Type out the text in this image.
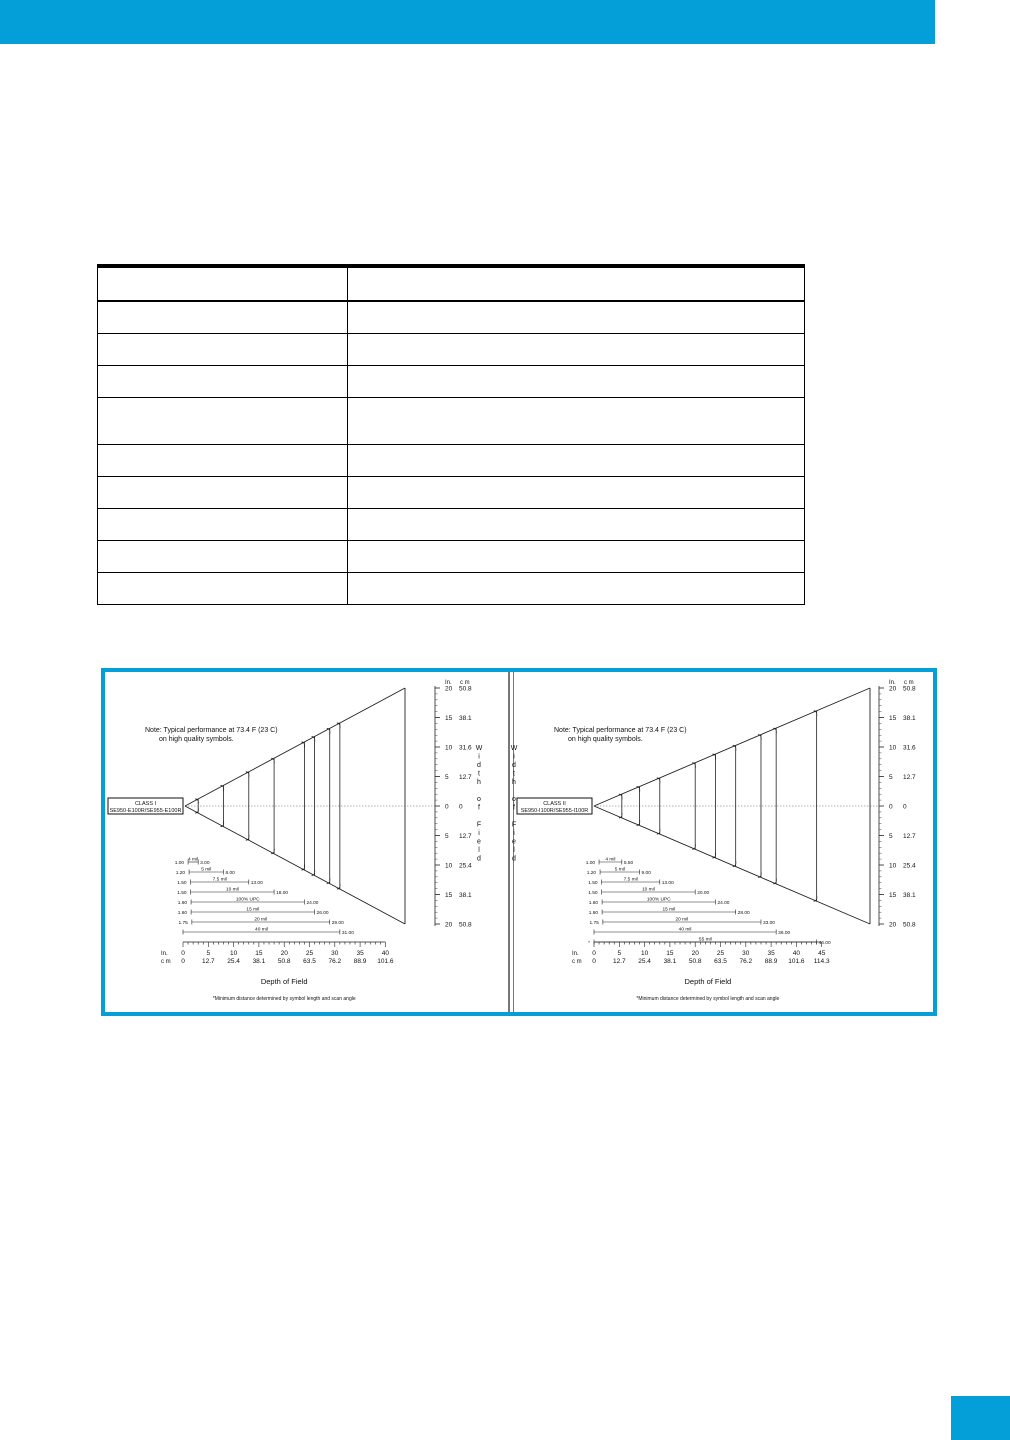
Note: Typical performance at 73.4 F (23 C)
on high quality symbols.
CLASS I
SE950-E100R/SE955-E100R
In. c m
20 50.8
15 38.1
10 31.6
5 12.7
0 0
5 12.7
10 25.4
15 38.1
20 50.8
W
i
d
t
h
o
f
F
i
e
l
d
1.00
4 mil
3.00
1.20
5 mil
8.00
1.50
7.5 mil
13.00
1.50
10 mil
18.00
1.60
100% UPC
24.00
1.60
15 mil
26.00
1.75
20 mil
29.00
40 mil
31.00
In.
c m
0
0
5
12.7
10
25.4
15
38.1
20
50.8
25
63.5
30
76.2
35
88.9
40
101.6
Depth of Field
*Minimum distance determined by symbol length and scan angle
Note: Typical performance at 73.4 F (23 C)
on high quality symbols.
CLASS II
SE950-I100R/SE955-I100R
In. c m
20 50.8
15 38.1
10 31.6
5 12.7
0 0
5 12.7
10 25.4
15 38.1
20 50.8
W
i
d
t
h
o
f
F
i
e
l
d
1.00
4 mil
5.50
1.20
5 mil
9.00
1.50
7.5 mil
13.00
1.50
10 mil
20.00
1.60
100% UPC
24.00
1.60
15 mil
28.00
1.75
20 mil
33.00
40 mil
36.00
*
55 mil
44.00
In.
c m
0
0
5
12.7
10
25.4
15
38.1
20
50.8
25
63.5
30
76.2
35
88.9
40
101.6
45
114.3
Depth of Field
*Minimum distance determined by symbol length and scan angle
